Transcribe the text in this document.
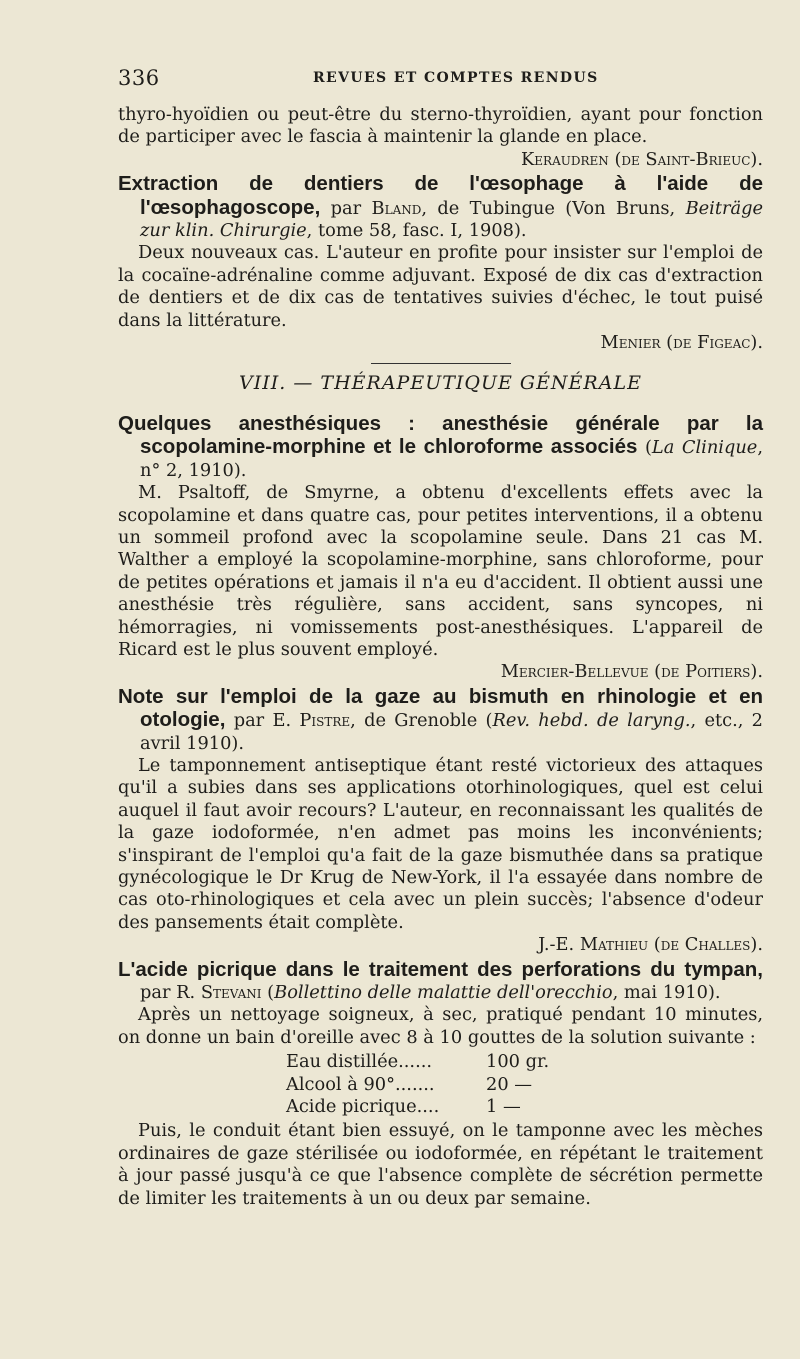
336	REVUES ET COMPTES RENDUS

thyro-hyoïdien ou peut-être du sterno-thyroïdien, ayant pour fonction de participer avec le fascia à maintenir la glande en place.

Keraudren (de Saint-Brieuc).

Extraction de dentiers de l'œsophage à l'aide de l'œsophagoscope, par Bland, de Tubingue (Von Bruns, Beiträge zur klin. Chirurgie, tome 58, fasc. I, 1908).

Deux nouveaux cas. L'auteur en profite pour insister sur l'emploi de la cocaïne-adrénaline comme adjuvant. Exposé de dix cas d'extraction de dentiers et de dix cas de tentatives suivies d'échec, le tout puisé dans la littérature.

Menier (de Figeac).

VIII. — THÉRAPEUTIQUE GÉNÉRALE

Quelques anesthésiques : anesthésie générale par la scopolamine-morphine et le chloroforme associés (La Clinique, n° 2, 1910).

M. Psaltoff, de Smyrne, a obtenu d'excellents effets avec la scopolamine et dans quatre cas, pour petites interventions, il a obtenu un sommeil profond avec la scopolamine seule. Dans 21 cas M. Walther a employé la scopolamine-morphine, sans chloroforme, pour de petites opérations et jamais il n'a eu d'accident. Il obtient aussi une anesthésie très régulière, sans accident, sans syncopes, ni hémorragies, ni vomissements post-anesthésiques. L'appareil de Ricard est le plus souvent employé.

Mercier-Bellevue (de Poitiers).

Note sur l'emploi de la gaze au bismuth en rhinologie et en otologie, par E. Pistre, de Grenoble (Rev. hebd. de laryng., etc., 2 avril 1910).

Le tamponnement antiseptique étant resté victorieux des attaques qu'il a subies dans ses applications otorhinologiques, quel est celui auquel il faut avoir recours? L'auteur, en reconnaissant les qualités de la gaze iodoformée, n'en admet pas moins les inconvénients; s'inspirant de l'emploi qu'a fait de la gaze bismuthée dans sa pratique gynécologique le Dr Krug de New-York, il l'a essayée dans nombre de cas oto-rhinologiques et cela avec un plein succès; l'absence d'odeur des pansements était complète.

J.-E. Mathieu (de Challes).

L'acide picrique dans le traitement des perforations du tympan, par R. Stevani (Bollettino delle malattie dell'orecchio, mai 1910).

Après un nettoyage soigneux, à sec, pratiqué pendant 10 minutes, on donne un bain d'oreille avec 8 à 10 gouttes de la solution suivante :

Eau distillée......	100 gr.
Alcool à 90°.......	20 —
Acide picrique....	1 —

Puis, le conduit étant bien essuyé, on le tamponne avec les mèches ordinaires de gaze stérilisée ou iodoformée, en répétant le traitement à jour passé jusqu'à ce que l'absence complète de sécrétion permette de limiter les traitements à un ou deux par semaine.
